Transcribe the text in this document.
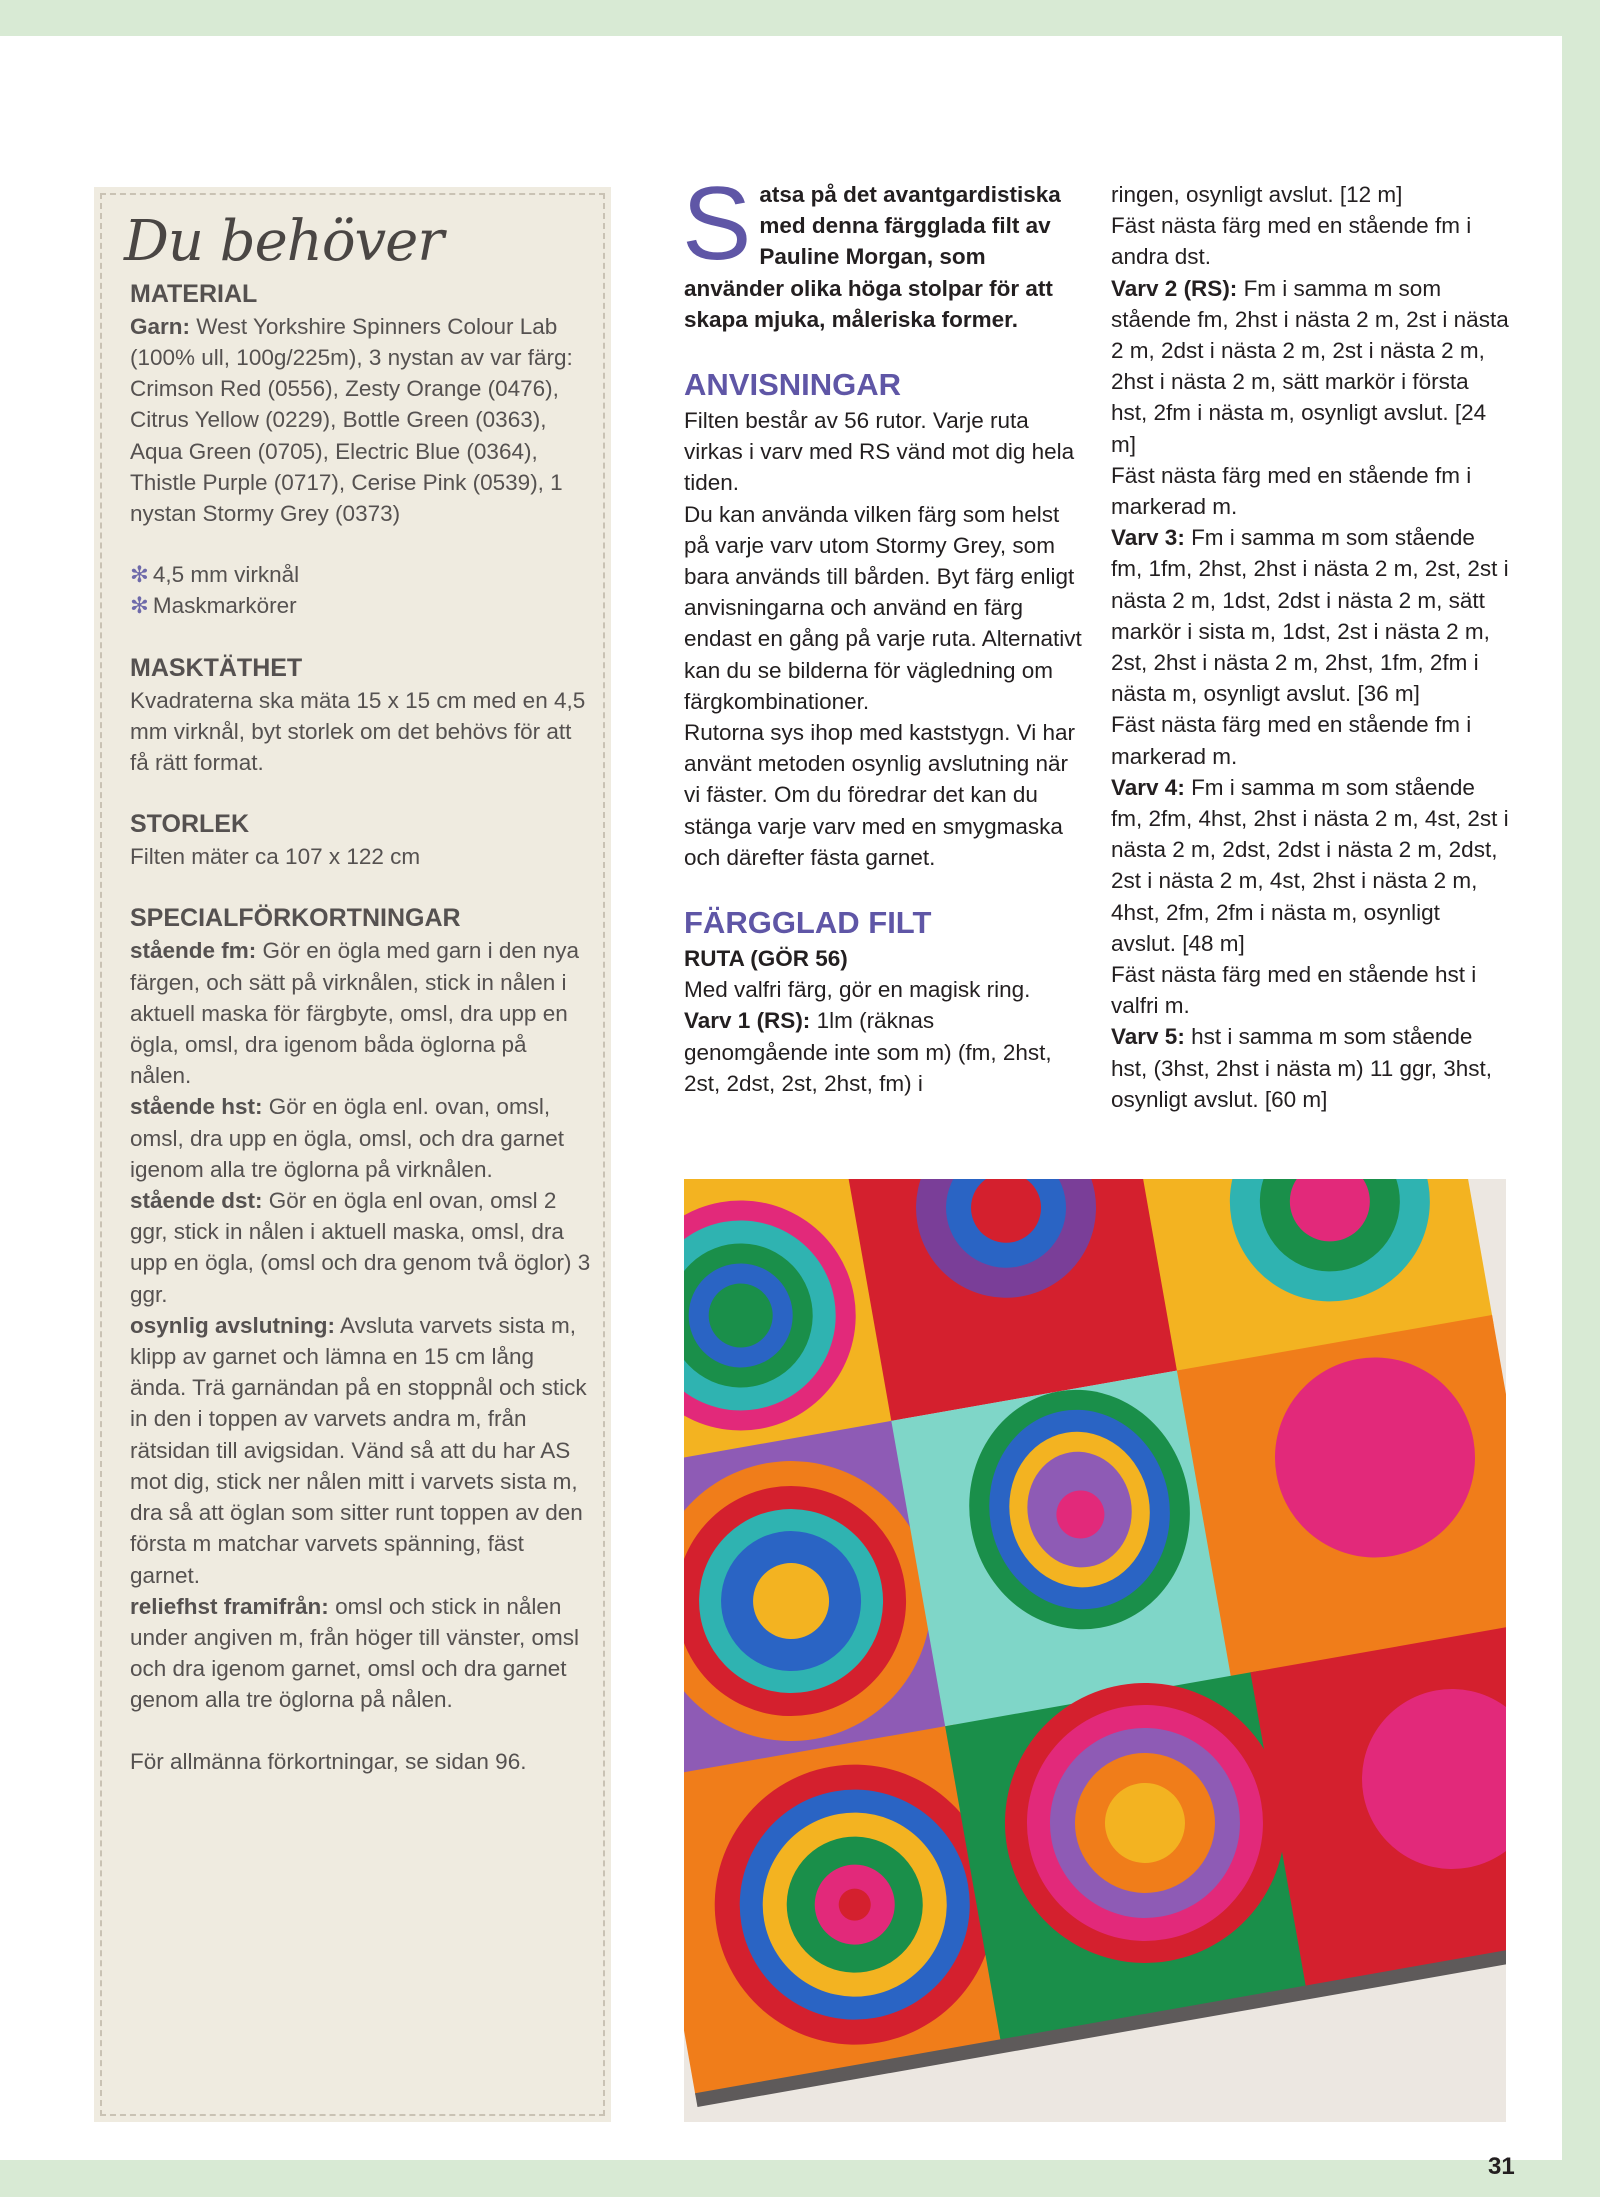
Du behöver
MATERIAL

Garn: West Yorkshire Spinners Colour Lab (100% ull, 100g/225m), 3 nystan av var färg: Crimson Red (0556), Zesty Orange (0476), Citrus Yellow (0229), Bottle Green (0363), Aqua Green (0705), Electric Blue (0364), Thistle Purple (0717), Cerise Pink (0539), 1 nystan Stormy Grey (0373)

✻ 4,5 mm virknål

✻ Maskmarkörer

MASKTÄTHET

Kvadraterna ska mäta 15 x 15 cm med en 4,5 mm virknål, byt storlek om det behövs för att få rätt format.

STORLEK

Filten mäter ca 107 x 122 cm

SPECIALFÖRKORTNINGAR

stående fm: Gör en ögla med garn i den nya färgen, och sätt på virknålen, stick in nålen i aktuell maska för färgbyte, omsl, dra upp en ögla, omsl, dra igenom båda öglorna på nålen.

stående hst: Gör en ögla enl. ovan, omsl, omsl, dra upp en ögla, omsl, och dra garnet igenom alla tre öglorna på virknålen.

stående dst: Gör en ögla enl ovan, omsl 2 ggr, stick in nålen i aktuell maska, omsl, dra upp en ögla, (omsl och dra genom två öglor) 3 ggr.

osynlig avslutning: Avsluta varvets sista m, klipp av garnet och lämna en 15 cm lång ända. Trä garnändan på en stoppnål och stick in den i toppen av varvets andra m, från rätsidan till avigsidan. Vänd så att du har AS mot dig, stick ner nålen mitt i varvets sista m, dra så att öglan som sitter runt toppen av den första m matchar varvets spänning, fäst garnet.

reliefhst framifrån: omsl och stick in nålen under angiven m, från höger till vänster, omsl och dra igenom garnet, omsl och dra garnet genom alla tre öglorna på nålen.

För allmänna förkortningar, se sidan 96.

Satsa på det avantgardistiska med denna färgglada filt av Pauline Morgan, som använder olika höga stolpar för att skapa mjuka, måleriska former.

ANVISNINGAR

Filten består av 56 rutor. Varje ruta virkas i varv med RS vänd mot dig hela tiden.

Du kan använda vilken färg som helst på varje varv utom Stormy Grey, som bara används till bården. Byt färg enligt anvisningarna och använd en färg endast en gång på varje ruta. Alternativt kan du se bilderna för vägledning om färgkombinationer.

Rutorna sys ihop med kaststygn. Vi har använt metoden osynlig avslutning när vi fäster. Om du föredrar det kan du stänga varje varv med en smygmaska och därefter fästa garnet.

FÄRGGLAD FILT
RUTA (GÖR 56)

Med valfri färg, gör en magisk ring.

Varv 1 (RS): 1lm (räknas genomgående inte som m) (fm, 2hst, 2st, 2dst, 2st, 2hst, fm) i

ringen, osynligt avslut. [12 m]

Fäst nästa färg med en stående fm i andra dst.

Varv 2 (RS): Fm i samma m som stående fm, 2hst i nästa 2 m, 2st i nästa 2 m, 2dst i nästa 2 m, 2st i nästa 2 m, 2hst i nästa 2 m, sätt markör i första hst, 2fm i nästa m, osynligt avslut. [24 m]

Fäst nästa färg med en stående fm i markerad m.

Varv 3: Fm i samma m som stående fm, 1fm, 2hst, 2hst i nästa 2 m, 2st, 2st i nästa 2 m, 1dst, 2dst i nästa 2 m, sätt markör i sista m, 1dst, 2st i nästa 2 m, 2st, 2hst i nästa 2 m, 2hst, 1fm, 2fm i nästa m, osynligt avslut. [36 m]

Fäst nästa färg med en stående fm i markerad m.

Varv 4: Fm i samma m som stående fm, 2fm, 4hst, 2hst i nästa 2 m, 4st, 2st i nästa 2 m, 2dst, 2dst i nästa 2 m, 2dst, 2st i nästa 2 m, 4st, 2hst i nästa 2 m, 4hst, 2fm, 2fm i nästa m, osynligt avslut. [48 m]

Fäst nästa färg med en stående hst i valfri m.

Varv 5: hst i samma m som stående hst, (3hst, 2hst i nästa m) 11 ggr, 3hst, osynligt avslut. [60 m]

31
